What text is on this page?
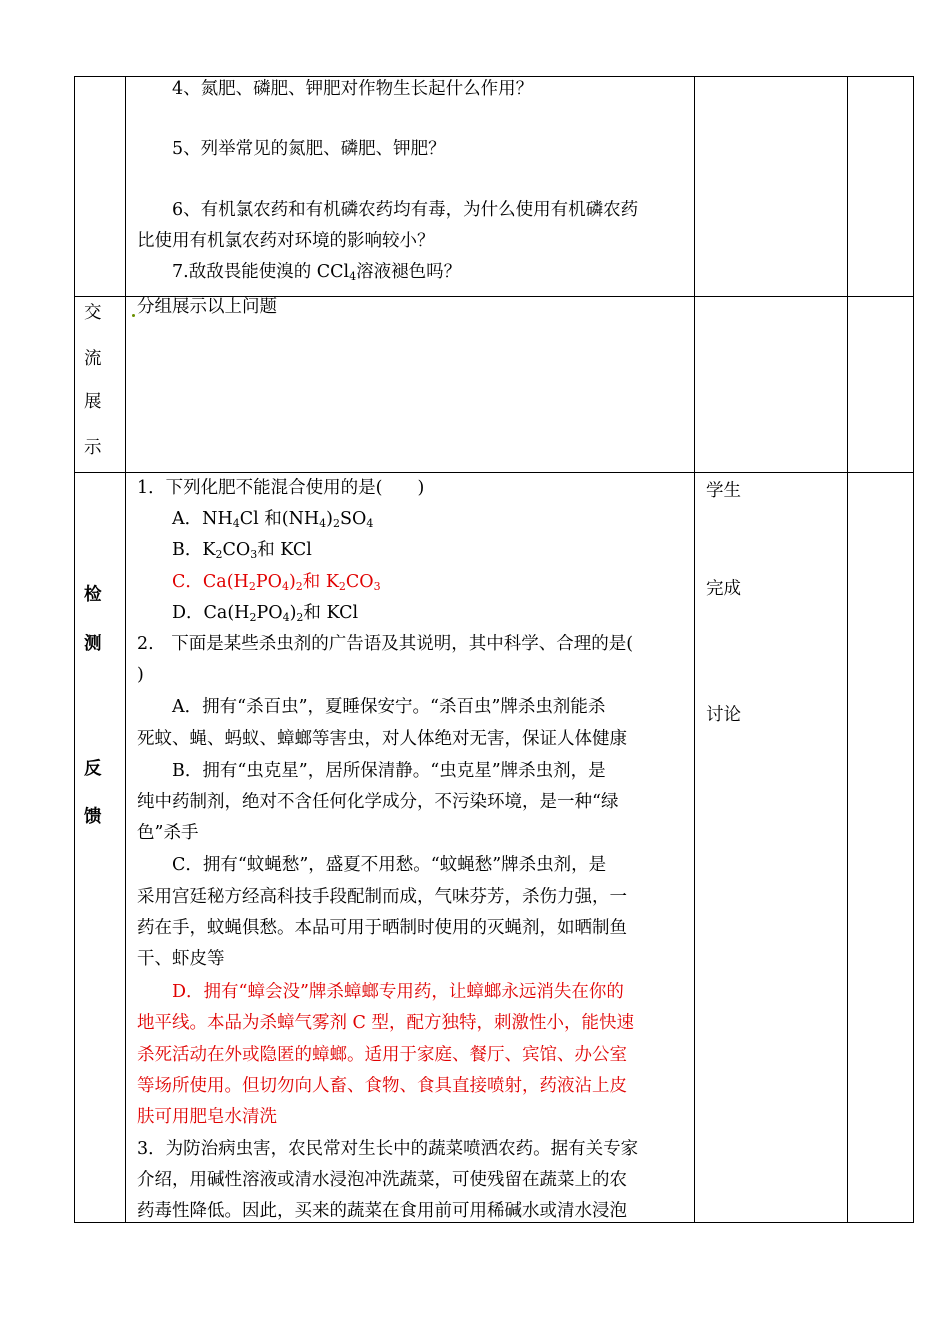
4、氮肥、磷肥、钾肥对作物生长起什么作用？
5、列举常见的氮肥、磷肥、钾肥？
6、有机氯农药和有机磷农药均有毒，为什么使用有机磷农药
比使用有机氯农药对环境的影响较小？
7.敌敌畏能使溴的 CCl$_4$溶液褪色吗？
交
流
展
示
分组展示以上问题
检
测
反
馈
学生
完成
讨论
1．下列化肥不能混合使用的是(　　)
A．$NH_4Cl$ 和$(NH_4)_2SO_4$
B．$K_2CO_3$和 KCl
C．$Ca(H_2PO_4)_2$和 $K_2CO_3$
D．$Ca(H_2PO_4)_2$和 KCl
2.　下面是某些杀虫剂的广告语及其说明，其中科学、合理的是(
)
A．拥有“杀百虫”，夏睡保安宁。“杀百虫”牌杀虫剂能杀
死蚊、蝇、蚂蚁、蟑螂等害虫，对人体绝对无害，保证人体健康
B．拥有“虫克星”，居所保清静。“虫克星”牌杀虫剂，是
纯中药制剂，绝对不含任何化学成分，不污染环境，是一种“绿
色”杀手
C．拥有“蚊蝇愁”，盛夏不用愁。“蚊蝇愁”牌杀虫剂，是
采用宫廷秘方经高科技手段配制而成，气味芬芳，杀伤力强，一
药在手，蚊蝇俱愁。本品可用于晒制时使用的灭蝇剂，如晒制鱼
干、虾皮等
D．拥有“蟑会没”牌杀蟑螂专用药，让蟑螂永远消失在你的
地平线。本品为杀蟑气雾剂 C 型，配方独特，刺激性小，能快速
杀死活动在外或隐匿的蟑螂。适用于家庭、餐厅、宾馆、办公室
等场所使用。但切勿向人畜、食物、食具直接喷射，药液沾上皮
肤可用肥皂水清洗
3．为防治病虫害，农民常对生长中的蔬菜喷洒农药。据有关专家
介绍，用碱性溶液或清水浸泡冲洗蔬菜，可使残留在蔬菜上的农
药毒性降低。因此，买来的蔬菜在食用前可用稀碱水或清水浸泡
